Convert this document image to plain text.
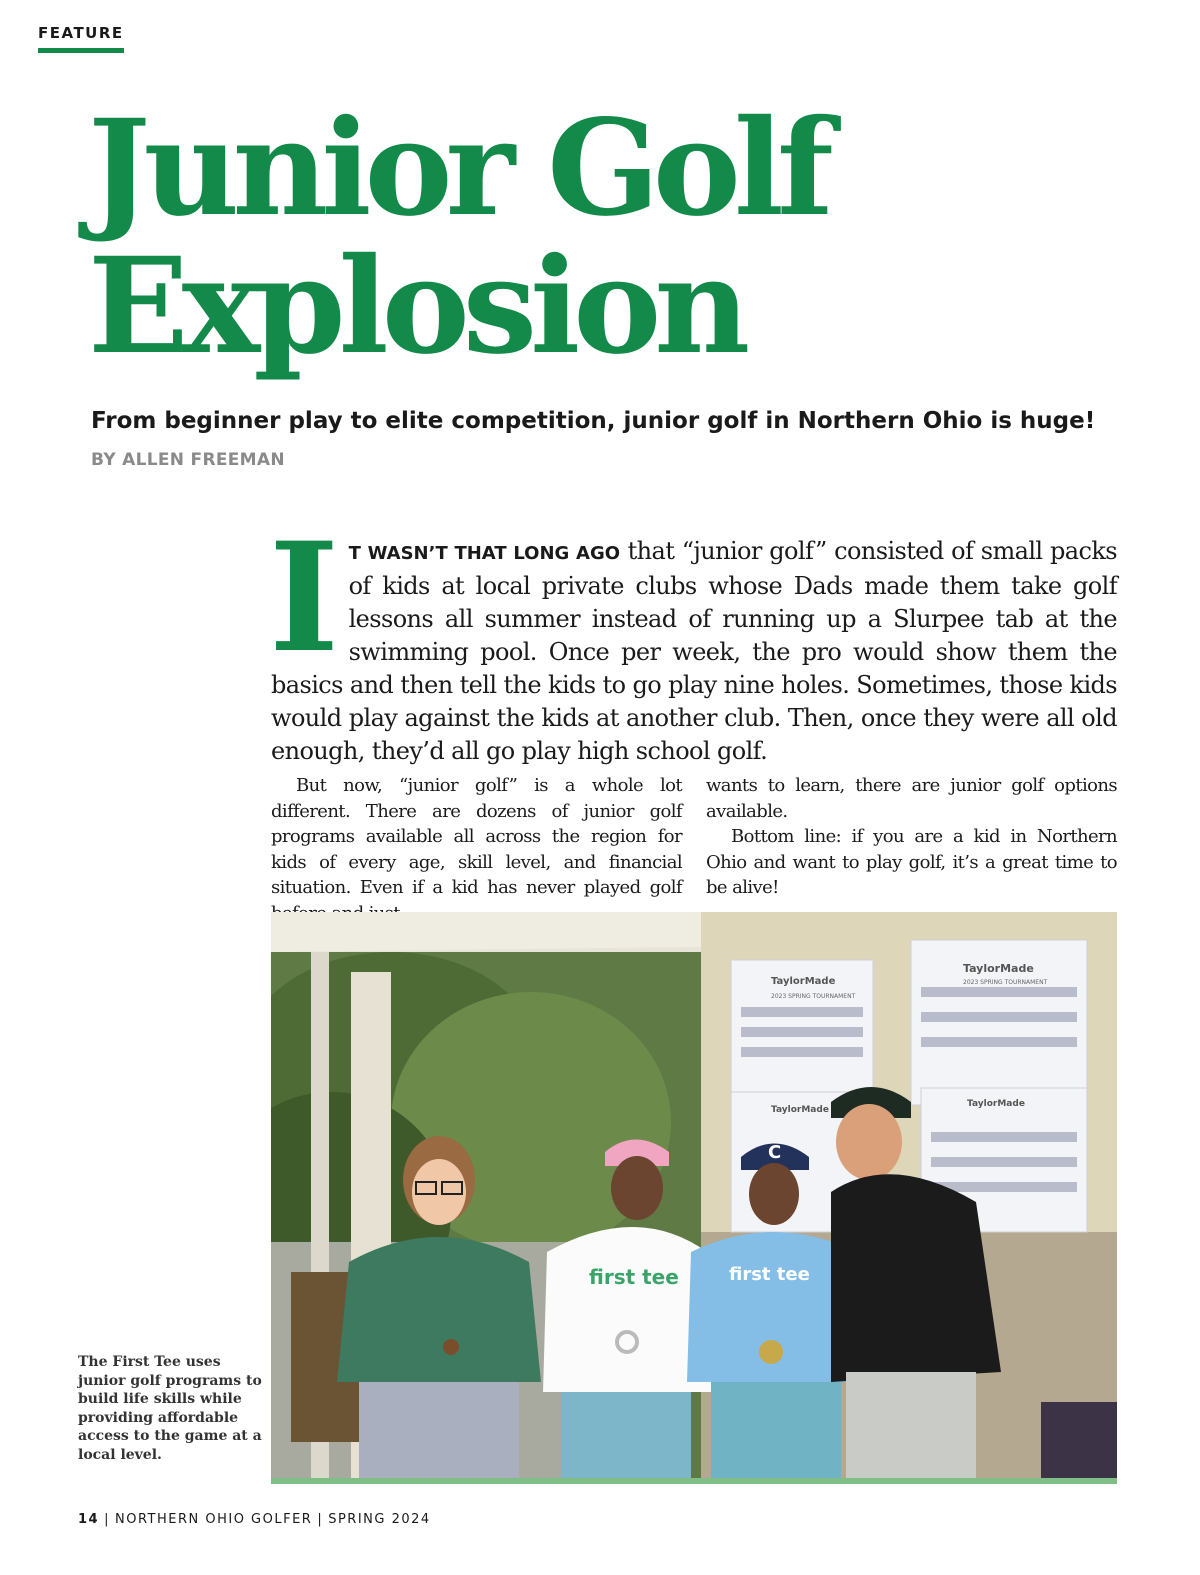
FEATURE
Junior Golf
Explosion
From beginner play to elite competition, junior golf in Northern Ohio is huge!
BY ALLEN FREEMAN

I T WASN’T THAT LONG AGO that “junior golf” consisted of small packs of kids at local private clubs whose Dads made them take golf lessons all summer instead of running up a Slurpee tab at the swimming pool. Once per week, the pro would show them the basics and then tell the kids to go play nine holes. Sometimes, those kids would play against the kids at another club. Then, once they were all old enough, they’d all go play high school golf.

But now, “junior golf” is a whole lot different. There are dozens of junior golf programs available all across the region for kids of every age, skill level, and financial situation. Even if a kid has never played golf

wants to learn, there are junior golf options available.

Bottom line: if you are a kid in Northern Ohio and want to play golf, it’s a great time to be alive!

TaylorMade
TaylorMade
2023 SPRING TOURNAMENT
2023 SPRING TOURNAMENT
TaylorMade
TaylorMade
first tee
C
first tee
The First Tee uses junior golf programs to build life skills while providing affordable access to the game at a local level.
14 | NORTHERN OHIO GOLFER | SPRING 2024
